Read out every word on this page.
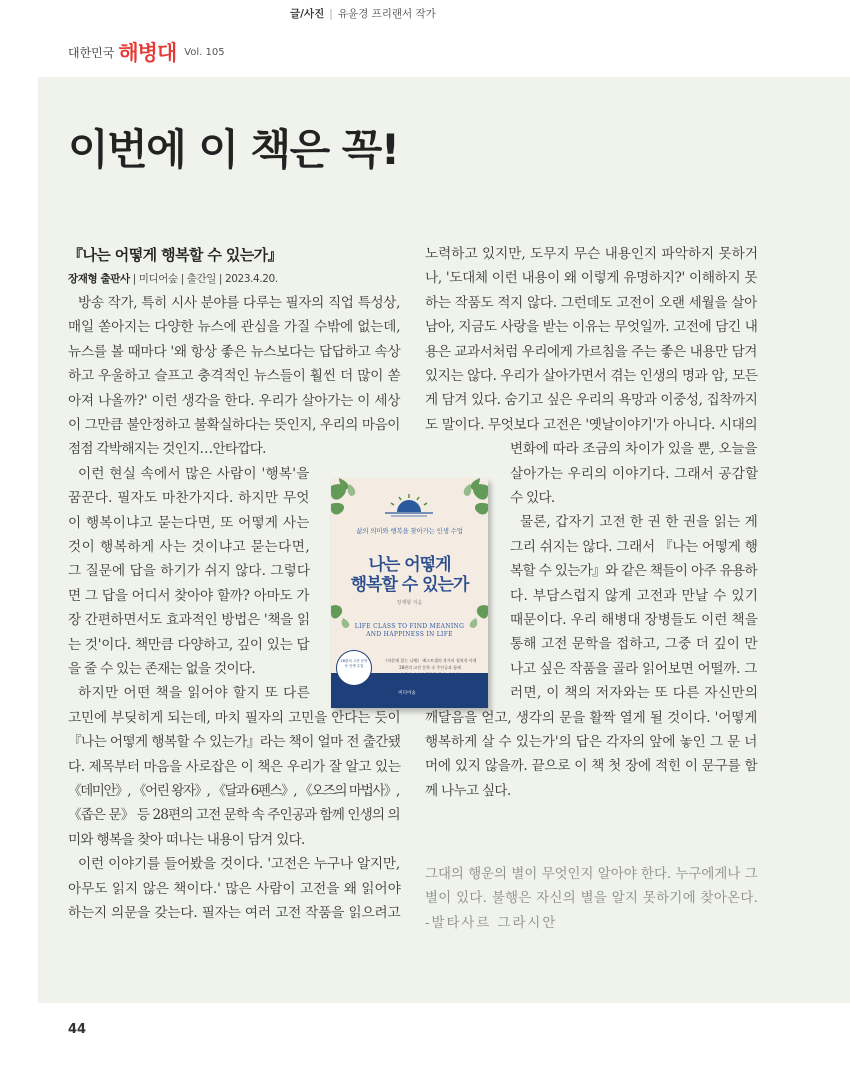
대한민국 해병대 Vol. 105
글/사진 | 유윤경 프리랜서 작가
이번에 이 책은 꼭!
『나는 어떻게 행복할 수 있는가』
장재형 출판사 | 미디어숲 | 출간일 | 2023.4.20.
방송 작가, 특히 시사 분야를 다루는 필자의 직업 특성상,
매일 쏟아지는 다양한 뉴스에 관심을 가질 수밖에 없는데,
뉴스를 볼 때마다 '왜 항상 좋은 뉴스보다는 답답하고 속상
하고 우울하고 슬프고 충격적인 뉴스들이 훨씬 더 많이 쏟
아져 나올까?' 이런 생각을 한다. 우리가 살아가는 이 세상
이 그만큼 불안정하고 불확실하다는 뜻인지, 우리의 마음이
점점 각박해지는 것인지…안타깝다.
이런 현실 속에서 많은 사람이 '행복'을
꿈꾼다. 필자도 마찬가지다. 하지만 무엇
이 행복이냐고 묻는다면, 또 어떻게 사는
것이 행복하게 사는 것이냐고 묻는다면,
그 질문에 답을 하기가 쉬지 않다. 그렇다
면 그 답을 어디서 찾아야 할까? 아마도 가
장 간편하면서도 효과적인 방법은 '책을 읽
는 것'이다. 책만큼 다양하고, 깊이 있는 답
을 줄 수 있는 존재는 없을 것이다.
하지만 어떤 책을 읽어야 할지 또 다른
고민에 부딪히게 되는데, 마치 필자의 고민을 안다는 듯이
『나는 어떻게 행복할 수 있는가』라는 책이 얼마 전 출간됐
다. 제목부터 마음을 사로잡은 이 책은 우리가 잘 알고 있는
《데미안》, 《어린 왕자》, 《달과 6펜스》, 《오즈의 마법사》,
《좁은 문》 등 28편의 고전 문학 속 주인공과 함께 인생의 의
미와 행복을 찾아 떠나는 내용이 담겨 있다.
이런 이야기를 들어봤을 것이다. '고전은 누구나 알지만,
아무도 읽지 않은 책이다.' 많은 사람이 고전을 왜 읽어야
하는지 의문을 갖는다. 필자는 여러 고전 작품을 읽으려고
노력하고 있지만, 도무지 무슨 내용인지 파악하지 못하거
나, '도대체 이런 내용이 왜 이렇게 유명하지?' 이해하지 못
하는 작품도 적지 않다. 그런데도 고전이 오랜 세월을 살아
남아, 지금도 사랑을 받는 이유는 무엇일까. 고전에 담긴 내
용은 교과서처럼 우리에게 가르침을 주는 좋은 내용만 담겨
있지는 않다. 우리가 살아가면서 겪는 인생의 명과 암, 모든
게 담겨 있다. 숨기고 싶은 우리의 욕망과 이중성, 집착까지
도 말이다. 무엇보다 고전은 '옛날이야기'가 아니다. 시대의
변화에 따라 조금의 차이가 있을 뿐, 오늘을
살아가는 우리의 이야기다. 그래서 공감할
수 있다.
물론, 갑자기 고전 한 권 한 권을 읽는 게
그리 쉬지는 않다. 그래서 『나는 어떻게 행
복할 수 있는가』와 같은 책들이 아주 유용하
다. 부담스럽지 않게 고전과 만날 수 있기
때문이다. 우리 해병대 장병들도 이런 책을
통해 고전 문학을 접하고, 그중 더 깊이 만
나고 싶은 작품을 골라 읽어보면 어떨까. 그
러면, 이 책의 저자와는 또 다른 자신만의
깨달음을 얻고, 생각의 문을 활짝 열게 될 것이다. '어떻게
행복하게 살 수 있는가'의 답은 각자의 앞에 놓인 그 문 너
머에 있지 않을까. 끝으로 이 책 첫 장에 적힌 이 문구를 함
께 나누고 싶다.
그대의 행운의 별이 무엇인지 알아야 한다. 누구에게나 그
별이 있다. 불행은 자신의 별을 알지 못하기에 찾아온다.
-발타사르 그라시안
삶의 의미와 행복을 찾아가는 인생 수업
나는 어떻게
행복할 수 있는가
장재형 지음
LIFE CLASS TO FIND MEANING
AND HAPPINESS IN LIFE
《마흔에 읽는 니체》 베스트셀러 작가의 철학적 사색
28편의 고전 문학 속 주인공과 함께
미디어숲
28편의 고전 문학 속 인생 수업
44
